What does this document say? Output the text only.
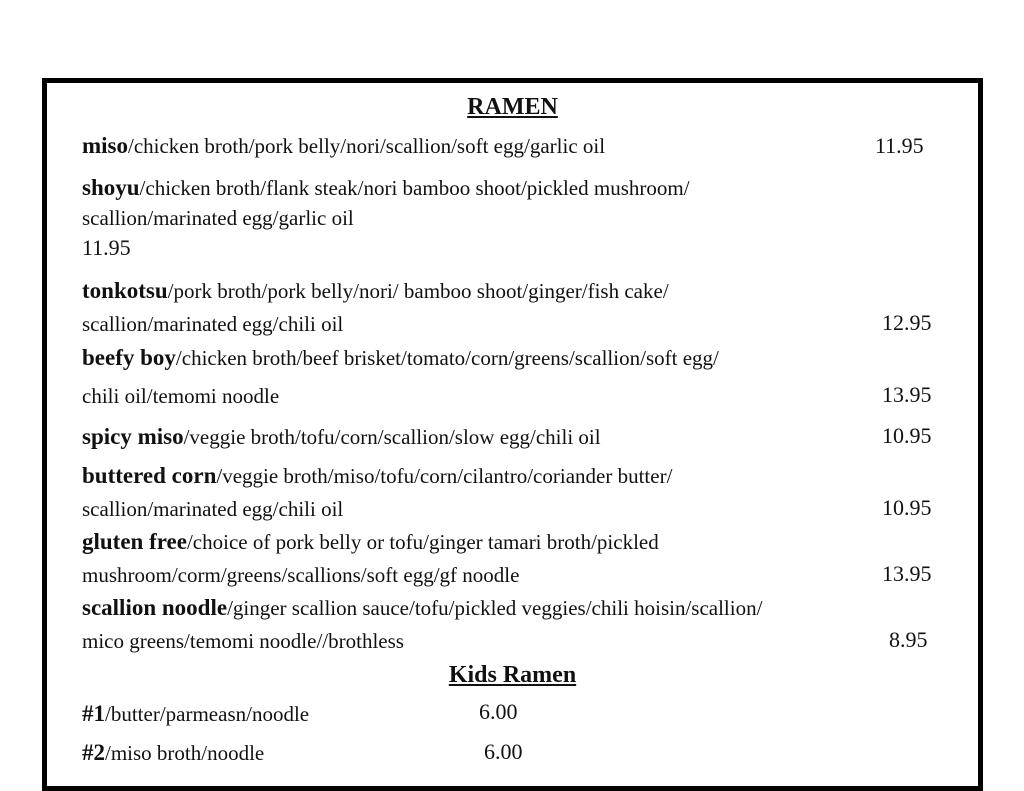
RAMEN
miso/chicken broth/pork belly/nori/scallion/soft egg/garlic oil	11.95
shoyu/chicken broth/flank steak/nori bamboo shoot/pickled mushroom/
scallion/marinated egg/garlic oil
11.95
tonkotsu/pork broth/pork belly/nori/ bamboo shoot/ginger/fish cake/
scallion/marinated egg/chili oil	12.95
beefy boy/chicken broth/beef brisket/tomato/corn/greens/scallion/soft egg/
chili oil/temomi noodle	13.95
spicy miso/veggie broth/tofu/corn/scallion/slow egg/chili oil	10.95
buttered corn/veggie broth/miso/tofu/corn/cilantro/coriander butter/
scallion/marinated egg/chili oil	10.95
gluten free/choice of pork belly or tofu/ginger tamari broth/pickled
mushroom/corm/greens/scallions/soft egg/gf noodle	13.95
scallion noodle/ginger scallion sauce/tofu/pickled veggies/chili hoisin/scallion/
mico greens/temomi noodle//brothless	8.95
Kids Ramen
#1/butter/parmeasn/noodle	6.00
#2/miso broth/noodle	6.00
